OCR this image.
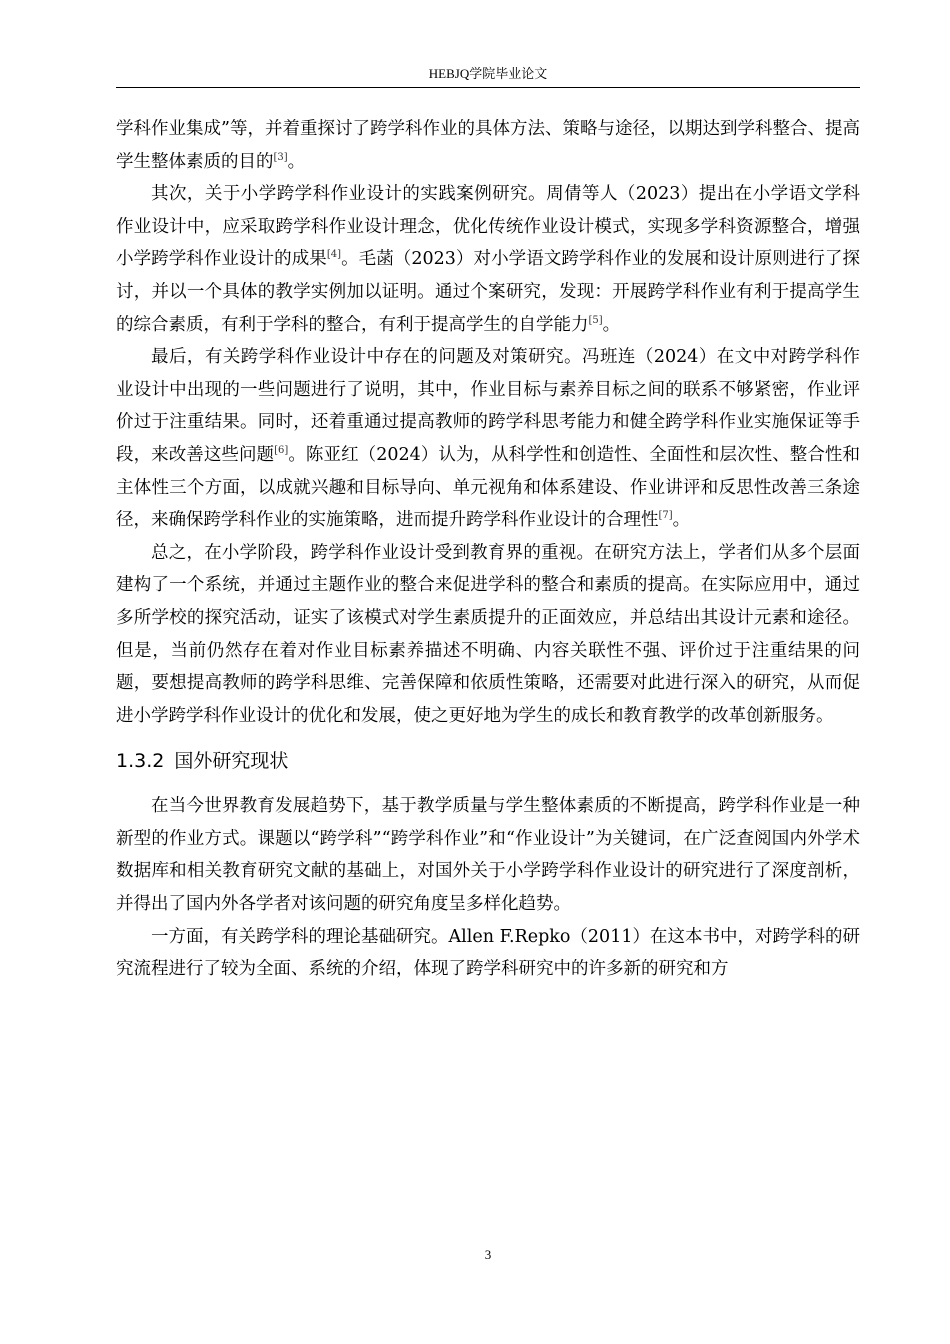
HEBJQ学院毕业论文

学科作业集成”等，并着重探讨了跨学科作业的具体方法、策略与途径，以期达到学科整合、提高学生整体素质的目的[3]。

其次，关于小学跨学科作业设计的实践案例研究。周倩等人（2023）提出在小学语文学科作业设计中，应采取跨学科作业设计理念，优化传统作业设计模式，实现多学科资源整合，增强小学跨学科作业设计的成果[4]。毛菡（2023）对小学语文跨学科作业的发展和设计原则进行了探讨，并以一个具体的教学实例加以证明。通过个案研究，发现：开展跨学科作业有利于提高学生的综合素质，有利于学科的整合，有利于提高学生的自学能力[5]。

最后，有关跨学科作业设计中存在的问题及对策研究。冯班连（2024）在文中对跨学科作业设计中出现的一些问题进行了说明，其中，作业目标与素养目标之间的联系不够紧密，作业评价过于注重结果。同时，还着重通过提高教师的跨学科思考能力和健全跨学科作业实施保证等手段，来改善这些问题[6]。陈亚红（2024）认为，从科学性和创造性、全面性和层次性、整合性和主体性三个方面，以成就兴趣和目标导向、单元视角和体系建设、作业讲评和反思性改善三条途径，来确保跨学科作业的实施策略，进而提升跨学科作业设计的合理性[7]。

总之，在小学阶段，跨学科作业设计受到教育界的重视。在研究方法上，学者们从多个层面建构了一个系统，并通过主题作业的整合来促进学科的整合和素质的提高。在实际应用中，通过多所学校的探究活动，证实了该模式对学生素质提升的正面效应，并总结出其设计元素和途径。但是，当前仍然存在着对作业目标素养描述不明确、内容关联性不强、评价过于注重结果的问题，要想提高教师的跨学科思维、完善保障和依质性策略，还需要对此进行深入的研究，从而促进小学跨学科作业设计的优化和发展，使之更好地为学生的成长和教育教学的改革创新服务。

1.3.2 国外研究现状

在当今世界教育发展趋势下，基于教学质量与学生整体素质的不断提高，跨学科作业是一种新型的作业方式。课题以“跨学科”“跨学科作业”和“作业设计”为关键词，在广泛查阅国内外学术数据库和相关教育研究文献的基础上，对国外关于小学跨学科作业设计的研究进行了深度剖析，并得出了国内外各学者对该问题的研究角度呈多样化趋势。

一方面，有关跨学科的理论基础研究。Allen F.Repko（2011）在这本书中，对跨学科的研究流程进行了较为全面、系统的介绍，体现了跨学科研究中的许多新的研究和方

3
